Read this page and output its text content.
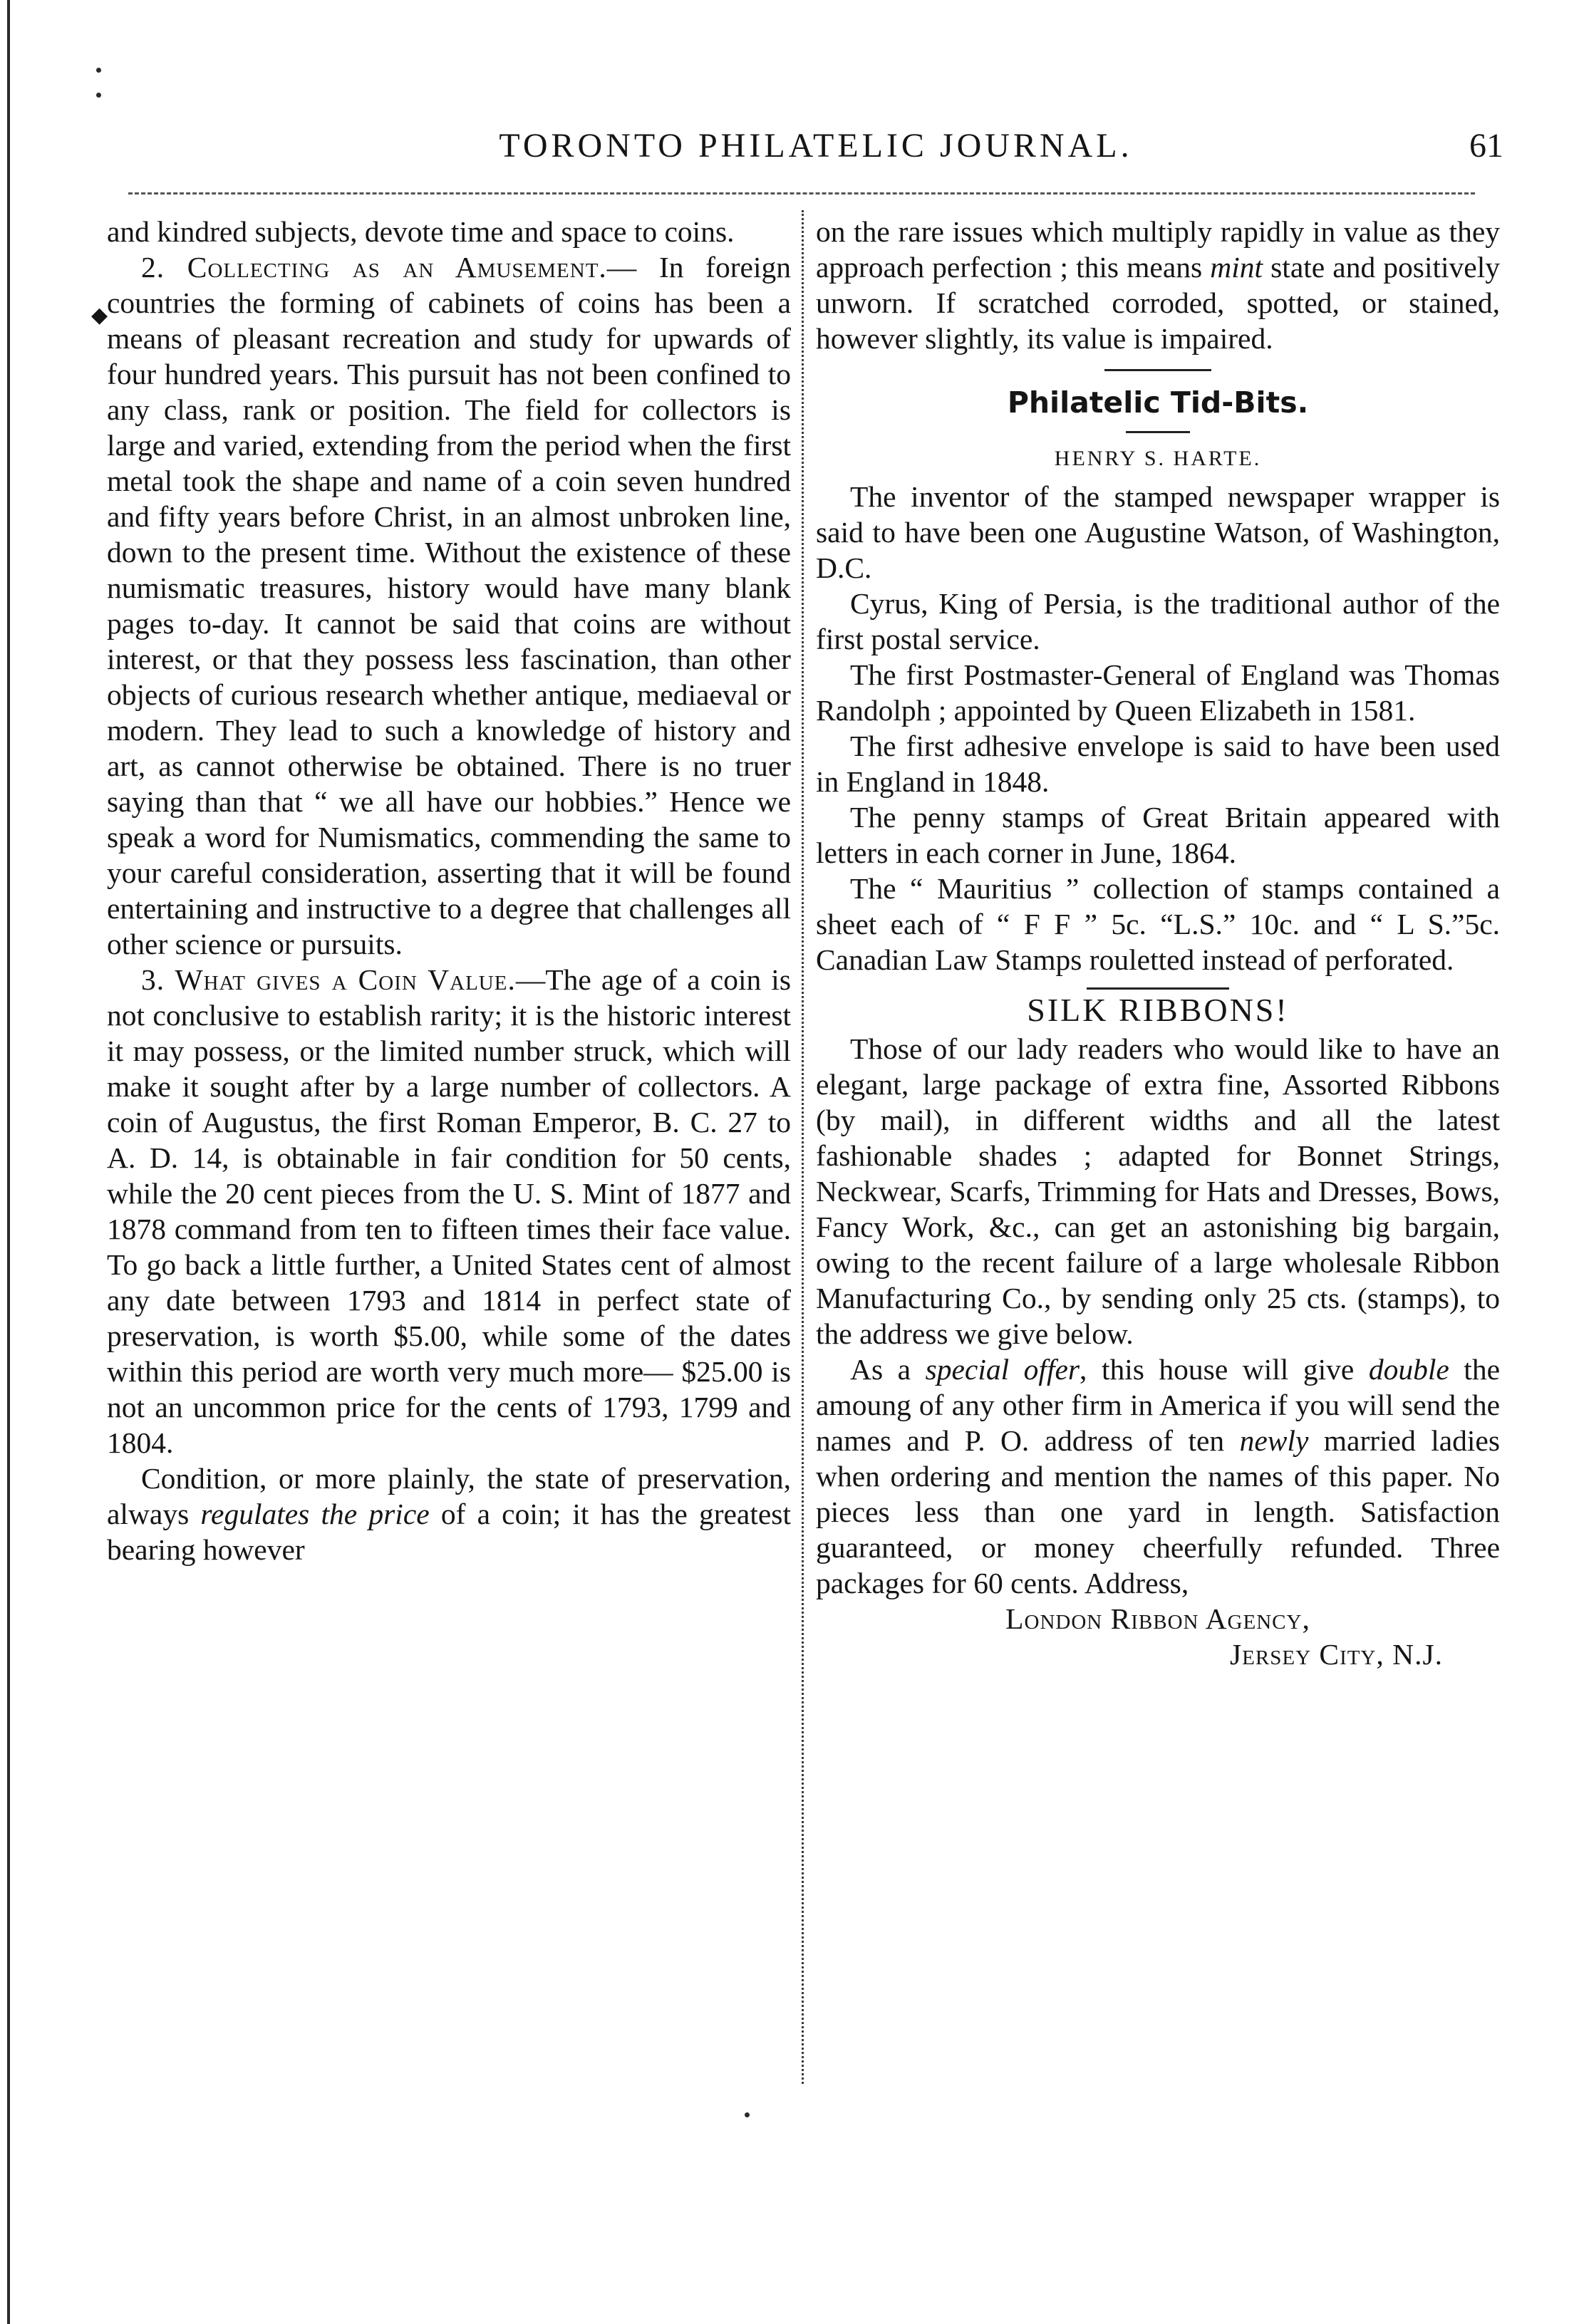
TORONTO PHILATELIC JOURNAL.	61
◆

and kindred subjects, devote time and space to coins.

2. Collecting as an Amusement.— In foreign countries the forming of cabinets of coins has been a means of pleasant recreation and study for upwards of four hundred years. This pursuit has not been confined to any class, rank or position. The field for collectors is large and varied, extending from the period when the first metal took the shape and name of a coin seven hundred and fifty years before Christ, in an almost unbroken line, down to the present time. Without the existence of these numismatic treasures, history would have many blank pages to-day. It cannot be said that coins are without interest, or that they possess less fascination, than other objects of curious research whether antique, mediaeval or modern. They lead to such a knowledge of history and art, as cannot otherwise be obtained. There is no truer saying than that “ we all have our hobbies.” Hence we speak a word for Numismatics, commending the same to your careful consideration, asserting that it will be found entertaining and instructive to a degree that challenges all other science or pursuits.

3. What gives a Coin Value.—The age of a coin is not conclusive to establish rarity; it is the historic interest it may possess, or the limited number struck, which will make it sought after by a large number of collectors. A coin of Augustus, the first Roman Emperor, B. C. 27 to A. D. 14, is obtainable in fair condition for 50 cents, while the 20 cent pieces from the U. S. Mint of 1877 and 1878 command from ten to fifteen times their face value. To go back a little further, a United States cent of almost any date between 1793 and 1814 in perfect state of preservation, is worth $5.00, while some of the dates within this period are worth very much more— $25.00 is not an uncommon price for the cents of 1793, 1799 and 1804.

Condition, or more plainly, the state of preservation, always regulates the price of a coin; it has the greatest bearing however

on the rare issues which multiply rapidly in value as they approach perfection ; this means mint state and positively unworn. If scratched corroded, spotted, or stained, however slightly, its value is impaired.

Philatelic Tid-Bits.

HENRY S. HARTE.

The inventor of the stamped newspaper wrapper is said to have been one Augustine Watson, of Washington, D.C.

Cyrus, King of Persia, is the traditional author of the first postal service.

The first Postmaster-General of England was Thomas Randolph ; appointed by Queen Elizabeth in 1581.

The first adhesive envelope is said to have been used in England in 1848.

The penny stamps of Great Britain appeared with letters in each corner in June, 1864.

The “ Mauritius ” collection of stamps contained a sheet each of “ F F ” 5c. “L.S.” 10c. and “ L S.”5c. Canadian Law Stamps rouletted instead of perforated.

SILK RIBBONS!

Those of our lady readers who would like to have an elegant, large package of extra fine, Assorted Ribbons (by mail), in different widths and all the latest fashionable shades ; adapted for Bonnet Strings, Neckwear, Scarfs, Trimming for Hats and Dresses, Bows, Fancy Work, &c., can get an astonishing big bargain, owing to the recent failure of a large wholesale Ribbon Manufacturing Co., by sending only 25 cts. (stamps), to the address we give below.

As a special offer, this house will give double the amoung of any other firm in America if you will send the names and P. O. address of ten newly married ladies when ordering and mention the names of this paper. No pieces less than one yard in length. Satisfaction guaranteed, or money cheerfully refunded. Three packages for 60 cents. Address,

London Ribbon Agency,

Jersey City, N.J.
